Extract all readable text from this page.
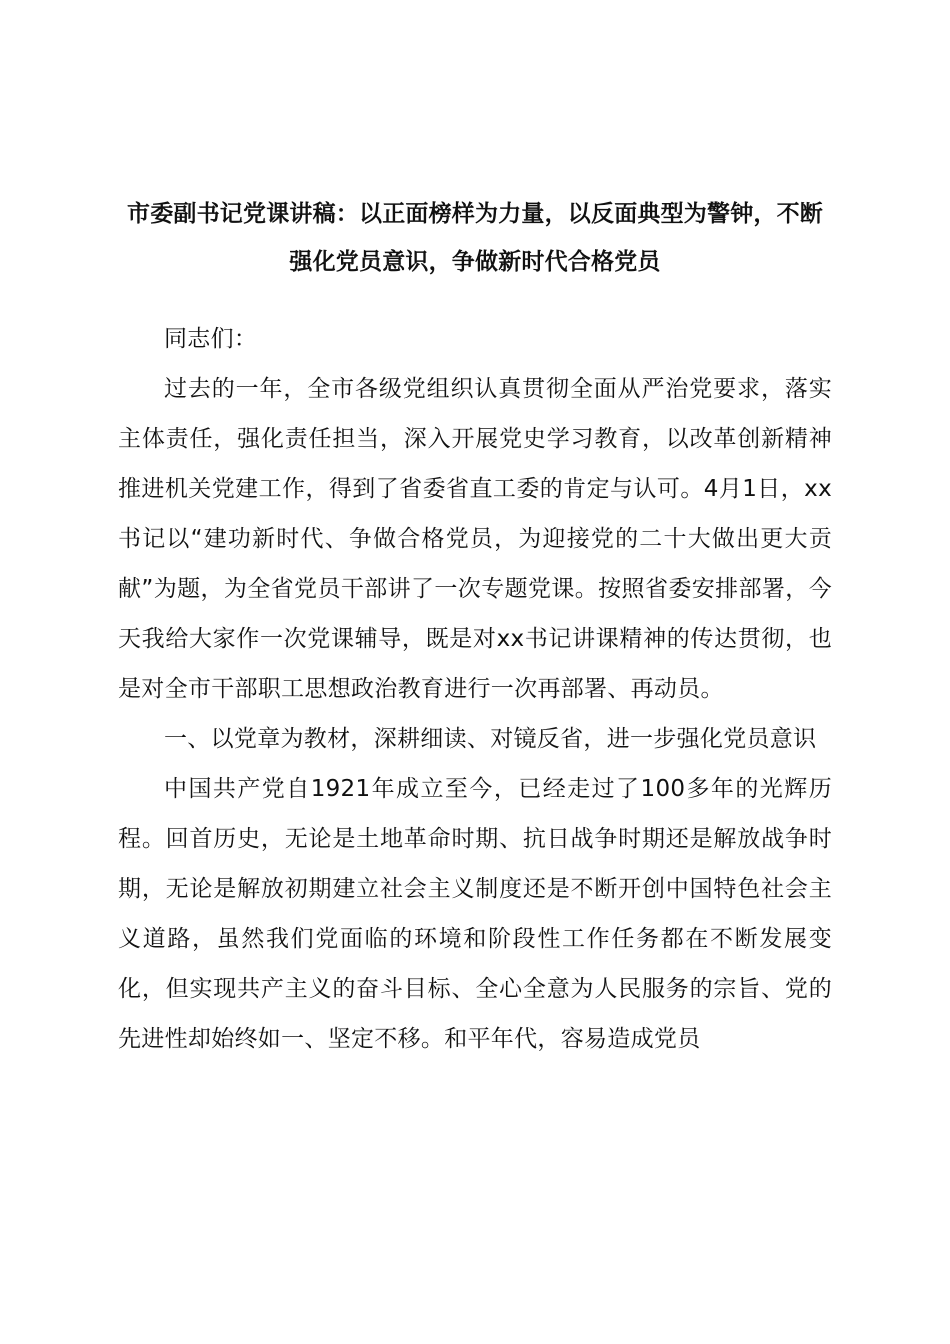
市委副书记党课讲稿：以正面榜样为力量，以反面典型为警钟，不断强化党员意识，争做新时代合格党员

同志们：

过去的一年，全市各级党组织认真贯彻全面从严治党要求，落实主体责任，强化责任担当，深入开展党史学习教育，以改革创新精神推进机关党建工作，得到了省委省直工委的肯定与认可。4月1日，xx书记以“建功新时代、争做合格党员，为迎接党的二十大做出更大贡献”为题，为全省党员干部讲了一次专题党课。按照省委安排部署，今天我给大家作一次党课辅导，既是对xx书记讲课精神的传达贯彻，也是对全市干部职工思想政治教育进行一次再部署、再动员。

一、以党章为教材，深耕细读、对镜反省，进一步强化党员意识

中国共产党自1921年成立至今，已经走过了100多年的光辉历程。回首历史，无论是土地革命时期、抗日战争时期还是解放战争时期，无论是解放初期建立社会主义制度还是不断开创中国特色社会主义道路，虽然我们党面临的环境和阶段性工作任务都在不断发展变化，但实现共产主义的奋斗目标、全心全意为人民服务的宗旨、党的先进性却始终如一、坚定不移。和平年代，容易造成党员
